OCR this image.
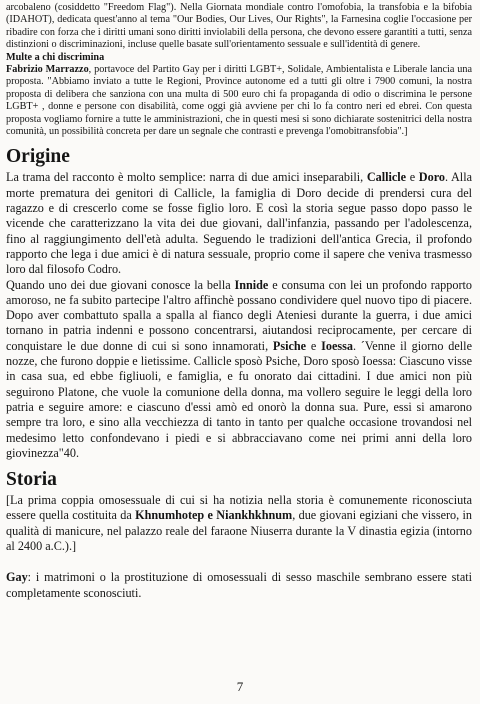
arcobaleno (cosiddetto "Freedom Flag"). Nella Giornata mondiale contro l'omofobia, la transfobia e la bifobia (IDAHOT), dedicata quest'anno al tema "Our Bodies, Our Lives, Our Rights", la Farnesina coglie l'occasione per ribadire con forza che i diritti umani sono diritti inviolabili della persona, che devono essere garantiti a tutti, senza distinzioni o discriminazioni, incluse quelle basate sull'orientamento sessuale e sull'identità di genere.

Multe a chi discrimina

Fabrizio Marrazzo, portavoce del Partito Gay per i diritti LGBT+, Solidale, Ambientalista e Liberale lancia una proposta. "Abbiamo inviato a tutte le Regioni, Province autonome ed a tutti gli oltre i 7900 comuni, la nostra proposta di delibera che sanziona con una multa di 500 euro chi fa propaganda di odio o discrimina le persone LGBT+ , donne e persone con disabilità, come oggi già avviene per chi lo fa contro neri ed ebrei. Con questa proposta vogliamo fornire a tutte le amministrazioni, che in questi mesi si sono dichiarate sostenitrici della nostra comunità, un possibilità concreta per dare un segnale che contrasti e prevenga l'omobitransfobia".]

Origine

La trama del racconto è molto semplice: narra di due amici inseparabili, Callicle e Doro. Alla morte prematura dei genitori di Callicle, la famiglia di Doro decide di prendersi cura del ragazzo e di crescerlo come se fosse figlio loro. E così la storia segue passo dopo passo le vicende che caratterizzano la vita dei due giovani, dall'infanzia, passando per l'adolescenza, fino al raggiungimento dell'età adulta. Seguendo le tradizioni dell'antica Grecia, il profondo rapporto che lega i due amici è di natura sessuale, proprio come il sapere che veniva trasmesso loro dal filosofo Codro.

Quando uno dei due giovani conosce la bella Innide e consuma con lei un profondo rapporto amoroso, ne fa subito partecipe l'altro affinchè possano condividere quel nuovo tipo di piacere. Dopo aver combattuto spalla a spalla al fianco degli Ateniesi durante la guerra, i due amici tornano in patria indenni e possono concentrarsi, aiutandosi reciprocamente, per cercare di conquistare le due donne di cui si sono innamorati, Psiche e Ioessa. ´Venne il giorno delle nozze, che furono doppie e lietissime. Callicle sposò Psiche, Doro sposò Ioessa: Ciascuno visse in casa sua, ed ebbe figliuoli, e famiglia, e fu onorato dai cittadini. I due amici non più seguirono Platone, che vuole la comunione della donna, ma vollero seguire le leggi della loro patria e seguire amore: e ciascuno d'essi amò ed onorò la donna sua. Pure, essi si amarono sempre tra loro, e sino alla vecchiezza di tanto in tanto per qualche occasione trovandosi nel medesimo letto confondevano i piedi e si abbracciavano come nei primi anni della loro giovinezza"40.

Storia

[La prima coppia omosessuale di cui si ha notizia nella storia è comunemente riconosciuta essere quella costituita da Khnumhotep e Niankhkhnum, due giovani egiziani che vissero, in qualità di manicure, nel palazzo reale del faraone Niuserra durante la V dinastia egizia (intorno al 2400 a.C.).]

Gay: i matrimoni o la prostituzione di omosessuali di sesso maschile sembrano essere stati completamente sconosciuti.

7
